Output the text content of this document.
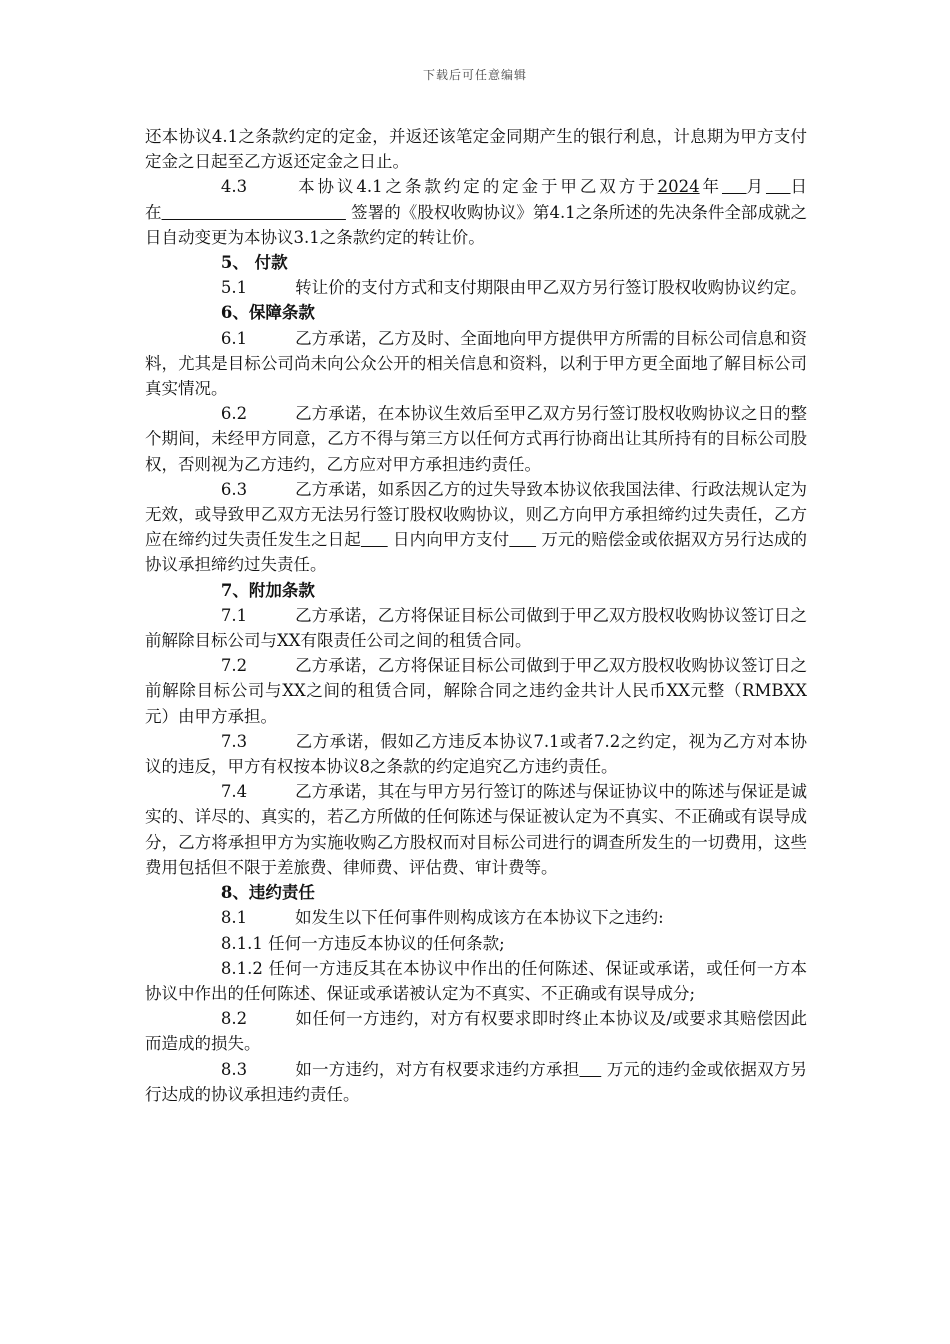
下载后可任意编辑

还本协议4.1之条款约定的定金，并返还该笔定金同期产生的银行利息，计息期为甲方支付定金之日起至乙方返还定金之日止。

4.3	本协议4.1之条款约定的定金于甲乙双方于2024年 月 日在	签署的《股权收购协议》第4.1之条所述的先决条件全部成就之日自动变更为本协议3.1之条款约定的转让价。

5、 付款

5.1	转让价的支付方式和支付期限由甲乙双方另行签订股权收购协议约定。

6、保障条款

6.1	乙方承诺，乙方及时、全面地向甲方提供甲方所需的目标公司信息和资料，尤其是目标公司尚未向公众公开的相关信息和资料，以利于甲方更全面地了解目标公司真实情况。

6.2	乙方承诺，在本协议生效后至甲乙双方另行签订股权收购协议之日的整个期间，未经甲方同意，乙方不得与第三方以任何方式再行协商出让其所持有的目标公司股权，否则视为乙方违约，乙方应对甲方承担违约责任。

6.3	乙方承诺，如系因乙方的过失导致本协议依我国法律、行政法规认定为无效，或导致甲乙双方无法另行签订股权收购协议，则乙方向甲方承担缔约过失责任，乙方应在缔约过失责任发生之日起      日内向甲方支付      万元的赔偿金或依据双方另行达成的协议承担缔约过失责任。

7、附加条款

7.1	乙方承诺，乙方将保证目标公司做到于甲乙双方股权收购协议签订日之前解除目标公司与XX有限责任公司之间的租赁合同。

7.2	乙方承诺，乙方将保证目标公司做到于甲乙双方股权收购协议签订日之前解除目标公司与XX之间的租赁合同，解除合同之违约金共计人民币XX元整（RMBXX元）由甲方承担。

7.3	乙方承诺，假如乙方违反本协议7.1或者7.2之约定，视为乙方对本协议的违反，甲方有权按本协议8之条款的约定追究乙方违约责任。

7.4	乙方承诺，其在与甲方另行签订的陈述与保证协议中的陈述与保证是诚实的、详尽的、真实的，若乙方所做的任何陈述与保证被认定为不真实、不正确或有误导成 分，乙方将承担甲方为实施收购乙方股权而对目标公司进行的调查所发生的一切费用，这些费用包括但不限于差旅费、律师费、评估费、审计费等。

8、违约责任

8.1	如发生以下任何事件则构成该方在本协议下之违约:

8.1.1 任何一方违反本协议的任何条款;

8.1.2 任何一方违反其在本协议中作出的任何陈述、保证或承诺，或任何一方本协议中作出的任何陈述、保证或承诺被认定为不真实、不正确或有误导成分;

8.2	如任何一方违约，对方有权要求即时终止本协议及/或要求其赔偿因此而造成的损失。

8.3	如一方违约，对方有权要求违约方承担     万元的违约金或依据双方另行达成的协议承担违约责任。
